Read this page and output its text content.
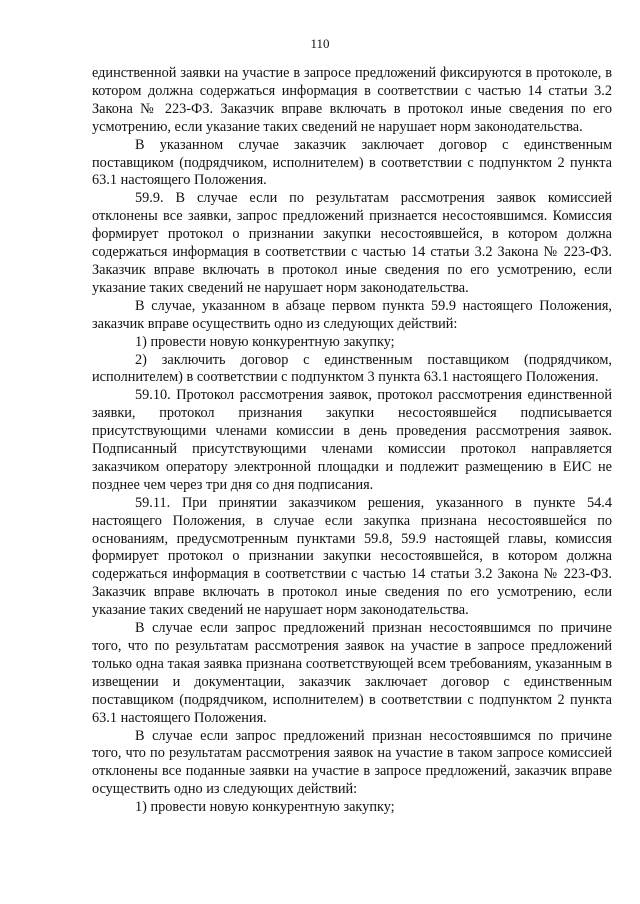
110

единственной заявки на участие в запросе предложений фиксируются в протоколе, в котором должна содержаться информация в соответствии с частью 14 статьи 3.2 Закона № 223-ФЗ. Заказчик вправе включать в протокол иные сведения по его усмотрению, если указание таких сведений не нарушает норм законодательства.

В указанном случае заказчик заключает договор с единственным поставщиком (подрядчиком, исполнителем) в соответствии с подпунктом 2 пункта 63.1 настоящего Положения.

59.9. В случае если по результатам рассмотрения заявок комиссией отклонены все заявки, запрос предложений признается несостоявшимся. Комиссия формирует протокол о признании закупки несостоявшейся, в котором должна содержаться информация в соответствии с частью 14 статьи 3.2 Закона № 223-ФЗ. Заказчик вправе включать в протокол иные сведения по его усмотрению, если указание таких сведений не нарушает норм законодательства.

В случае, указанном в абзаце первом пункта 59.9 настоящего Положения, заказчик вправе осуществить одно из следующих действий:

1) провести новую конкурентную закупку;

2) заключить договор с единственным поставщиком (подрядчиком, исполнителем) в соответствии с подпунктом 3 пункта 63.1 настоящего Положения.

59.10. Протокол рассмотрения заявок, протокол рассмотрения единственной заявки, протокол признания закупки несостоявшейся подписывается присутствующими членами комиссии в день проведения рассмотрения заявок. Подписанный присутствующими членами комиссии протокол направляется заказчиком оператору электронной площадки и подлежит размещению в ЕИС не позднее чем через три дня со дня подписания.

59.11. При принятии заказчиком решения, указанного в пункте 54.4 настоящего Положения, в случае если закупка признана несостоявшейся по основаниям, предусмотренным пунктами 59.8, 59.9 настоящей главы, комиссия формирует протокол о признании закупки несостоявшейся, в котором должна содержаться информация в соответствии с частью 14 статьи 3.2 Закона № 223-ФЗ. Заказчик вправе включать в протокол иные сведения по его усмотрению, если указание таких сведений не нарушает норм законодательства.

В случае если запрос предложений признан несостоявшимся по причине того, что по результатам рассмотрения заявок на участие в запросе предложений только одна такая заявка признана соответствующей всем требованиям, указанным в извещении и документации, заказчик заключает договор с единственным поставщиком (подрядчиком, исполнителем) в соответствии с подпунктом 2 пункта 63.1 настоящего Положения.

В случае если запрос предложений признан несостоявшимся по причине того, что по результатам рассмотрения заявок на участие в таком запросе комиссией отклонены все поданные заявки на участие в запросе предложений, заказчик вправе осуществить одно из следующих действий:

1) провести новую конкурентную закупку;
